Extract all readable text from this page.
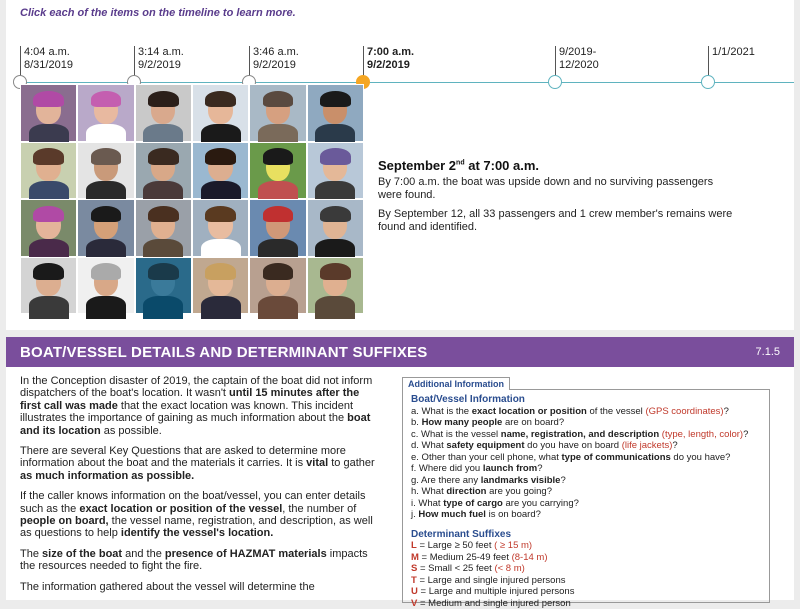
Click each of the items on the timeline to learn more.
4:04 a.m.
8/31/2019
3:14 a.m.
9/2/2019
3:46 a.m.
9/2/2019
7:00 a.m.
9/2/2019
9/2019-
12/2020
1/1/2021
September 2nd at 7:00 a.m.
By 7:00 a.m. the boat was upside down and no surviving passengers were found.
By September 12, all 33 passengers and 1 crew member's remains were found and identified.
BOAT/VESSEL DETAILS AND DETERMINANT SUFFIXES	7.1.5

In the Conception disaster of 2019, the captain of the boat did not inform dispatchers of the boat's location. It wasn't until 15 minutes after the first call was made that the exact location was known. This incident illustrates the importance of gaining as much information about the boat and its location as possible.

There are several Key Questions that are asked to determine more information about the boat and the materials it carries. It is vital to gather as much information as possible.

If the caller knows information on the boat/vessel, you can enter details such as the exact location or position of the vessel, the number of people on board, the vessel name, registration, and description, as well as questions to help identify the vessel's location.

The size of the boat and the presence of HAZMAT materials impacts the resources needed to fight the fire.

The information gathered about the vessel will determine the

Additional Information
Boat/Vessel Information
a. What is the exact location or position of the vessel (GPS coordinates)?
b. How many people are on board?
c. What is the vessel name, registration, and description (type, length, color)?
d. What safety equipment do you have on board (life jackets)?
e. Other than your cell phone, what type of communications do you have?
f. Where did you launch from?
g. Are there any landmarks visible?
h. What direction are you going?
i. What type of cargo are you carrying?
j. How much fuel is on board?
Determinant Suffixes
L = Large ≥ 50 feet ( ≥ 15 m)
M = Medium 25-49 feet (8-14 m)
S = Small < 25 feet (< 8 m)
T = Large and single injured persons
U = Large and multiple injured persons
V = Medium and single injured person
